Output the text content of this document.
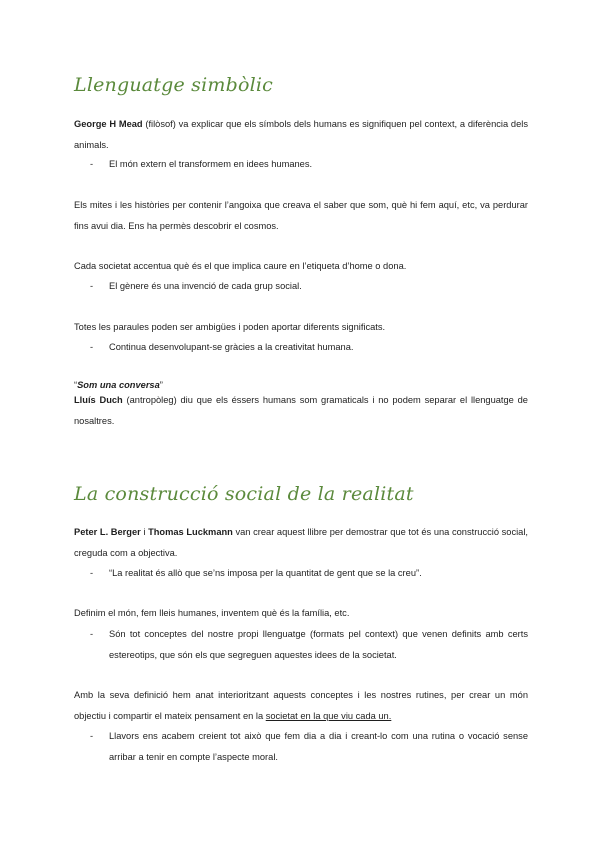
Llenguatge simbòlic

George H Mead (filòsof) va explicar que els símbols dels humans es signifiquen pel context, a diferència dels animals.

- El món extern el transformem en idees humanes.

Els mites i les històries per contenir l’angoixa que creava el saber que som, què hi fem aquí, etc, va perdurar fins avui dia. Ens ha permès descobrir el cosmos.

Cada societat accentua què és el que implica caure en l’etiqueta d’home o dona.

- El gènere és una invenció de cada grup social.

Totes les paraules poden ser ambigües i poden aportar diferents significats.

- Continua desenvolupant-se gràcies a la creativitat humana.

“Som una conversa”

Lluís Duch (antropòleg) diu que els éssers humans som gramaticals i no podem separar el llenguatge de nosaltres.

La construcció social de la realitat

Peter L. Berger i Thomas Luckmann van crear aquest llibre per demostrar que tot és una construcció social, creguda com a objectiva.

- “La realitat és allò que se’ns imposa per la quantitat de gent que se la creu”.

Definim el món, fem lleis humanes, inventem què és la família, etc.

- Són tot conceptes del nostre propi llenguatge (formats pel context) que venen definits amb certs estereotips, que són els que segreguen aquestes idees de la societat.

Amb la seva definició hem anat interioritzant aquests conceptes i les nostres rutines, per crear un món objectiu i compartir el mateix pensament en la societat en la que viu cada un.

- Llavors ens acabem creient tot això que fem dia a dia i creant-lo com una rutina o vocació sense arribar a tenir en compte l’aspecte moral.
